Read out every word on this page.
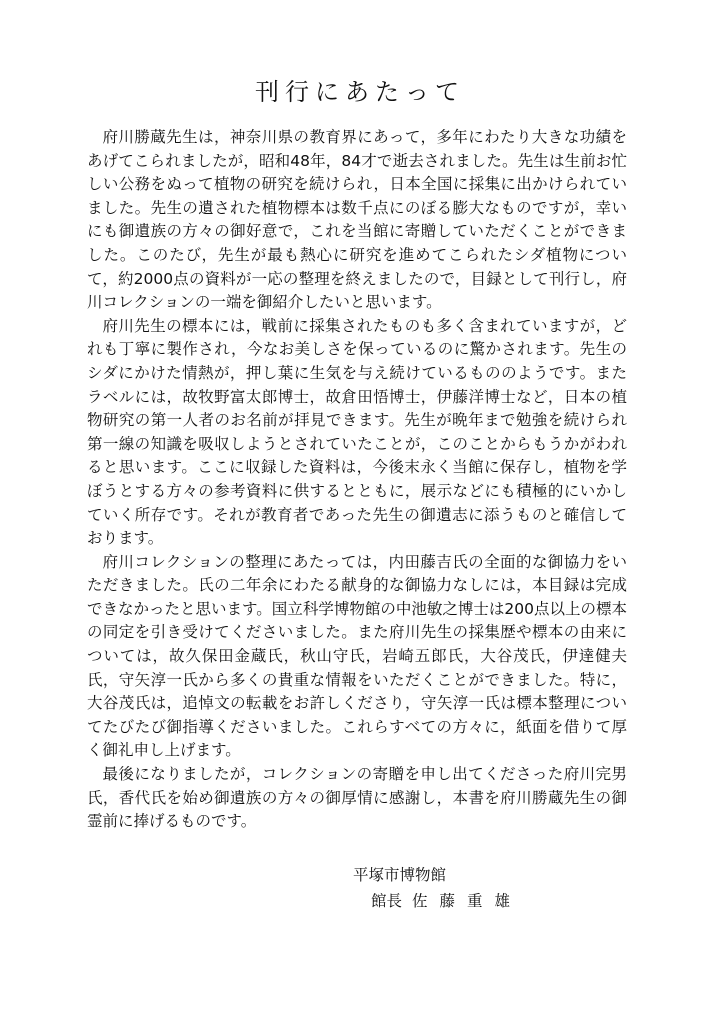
刊行にあたって

府川勝蔵先生は，神奈川県の教育界にあって，多年にわたり大きな功績をあげてこられましたが，昭和48年，84才で逝去されました。先生は生前お忙しい公務をぬって植物の研究を続けられ，日本全国に採集に出かけられていました。先生の遺された植物標本は数千点にのぼる膨大なものですが，幸いにも御遺族の方々の御好意で，これを当館に寄贈していただくことができました。このたび，先生が最も熱心に研究を進めてこられたシダ植物について，約2000点の資料が一応の整理を終えましたので，目録として刊行し，府川コレクションの一端を御紹介したいと思います。

府川先生の標本には，戦前に採集されたものも多く含まれていますが，どれも丁寧に製作され，今なお美しさを保っているのに驚かされます。先生のシダにかけた情熱が，押し葉に生気を与え続けているもののようです。またラベルには，故牧野富太郎博士，故倉田悟博士，伊藤洋博士など，日本の植物研究の第一人者のお名前が拝見できます。先生が晩年まで勉強を続けられ第一線の知識を吸収しようとされていたことが，このことからもうかがわれると思います。ここに収録した資料は，今後末永く当館に保存し，植物を学ぼうとする方々の参考資料に供するとともに，展示などにも積極的にいかしていく所存です。それが教育者であった先生の御遺志に添うものと確信しております。

府川コレクションの整理にあたっては，内田藤吉氏の全面的な御協力をいただきました。氏の二年余にわたる献身的な御協力なしには，本目録は完成できなかったと思います。国立科学博物館の中池敏之博士は200点以上の標本の同定を引き受けてくださいました。また府川先生の採集歴や標本の由来については，故久保田金蔵氏，秋山守氏，岩崎五郎氏，大谷茂氏，伊達健夫氏，守矢淳一氏から多くの貴重な情報をいただくことができました。特に，大谷茂氏は，追悼文の転載をお許しくださり，守矢淳一氏は標本整理についてたびたび御指導くださいました。これらすべての方々に，紙面を借りて厚く御礼申し上げます。

最後になりましたが，コレクションの寄贈を申し出てくださった府川完男氏，香代氏を始め御遺族の方々の御厚情に感謝し，本書を府川勝蔵先生の御霊前に捧げるものです。

平塚市博物館
館長 佐藤重雄
